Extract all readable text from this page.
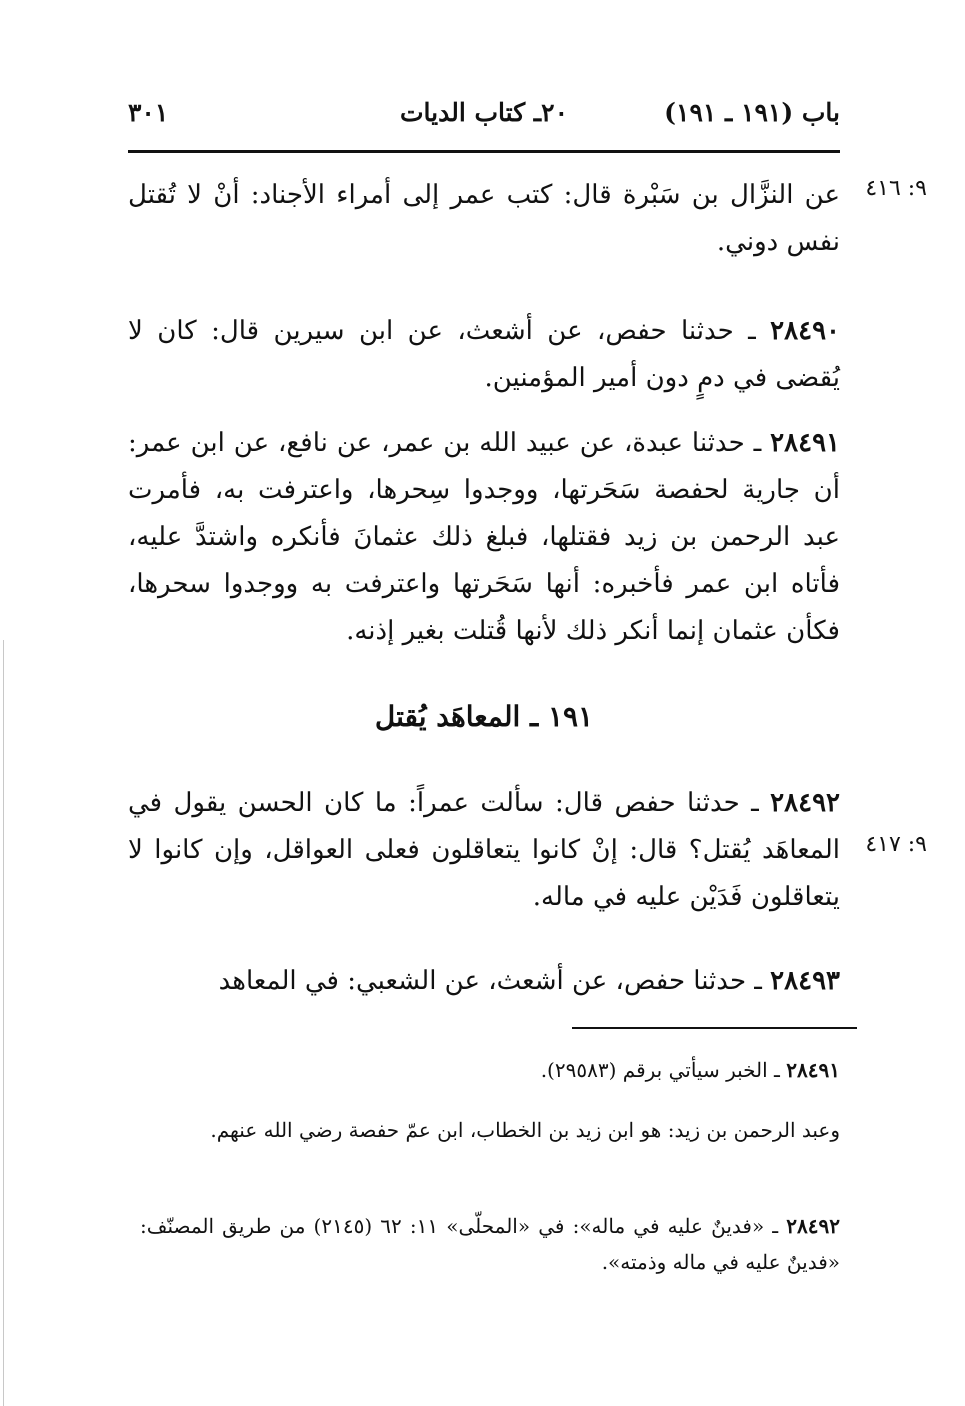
باب (١٩١ ـ ١٩١)
٢٠ـ كتاب الديات
٣٠١
٩: ٤١٦
عن النزَّال بن سَبْرة قال: كتب عمر إلى أمراء الأجناد: أنْ لا تُقتل نفس دوني.
٢٨٤٩٠ ـ حدثنا حفص، عن أشعث، عن ابن سيرين قال: كان لا يُقضى في دمٍ دون أمير المؤمنين.
٢٨٤٩١ ـ حدثنا عبدة، عن عبيد الله بن عمر، عن نافع، عن ابن عمر: أن جارية لحفصة سَحَرتها، ووجدوا سِحرها، واعترفت به، فأمرت عبد الرحمن بن زيد فقتلها، فبلغ ذلك عثمانَ فأنكره واشتدَّ عليه، فأتاه ابن عمر فأخبره: أنها سَحَرتها واعترفت به ووجدوا سحرها، فكأن عثمان إنما أنكر ذلك لأنها قُتلت بغير إذنه.
١٩١ ـ المعاهَد يُقتل
٩: ٤١٧
٢٨٤٩٢ ـ حدثنا حفص قال: سألت عمراً: ما كان الحسن يقول في المعاهَد يُقتل؟ قال: إنْ كانوا يتعاقلون فعلى العواقل، وإن كانوا لا يتعاقلون فَدَيْن عليه في ماله.
٢٨٤٩٣ ـ حدثنا حفص، عن أشعث، عن الشعبي: في المعاهد
٢٨٤٩١ ـ الخبر سيأتي برقم (٢٩٥٨٣).
وعبد الرحمن بن زيد: هو ابن زيد بن الخطاب، ابن عمّ حفصة رضي الله عنهم.
٢٨٤٩٢ ـ «فدينٌ عليه في ماله»: في «المحلّى» ١١: ٦٢ (٢١٤٥) من طريق المصنّف: «فدينٌ عليه في ماله وذمته».
